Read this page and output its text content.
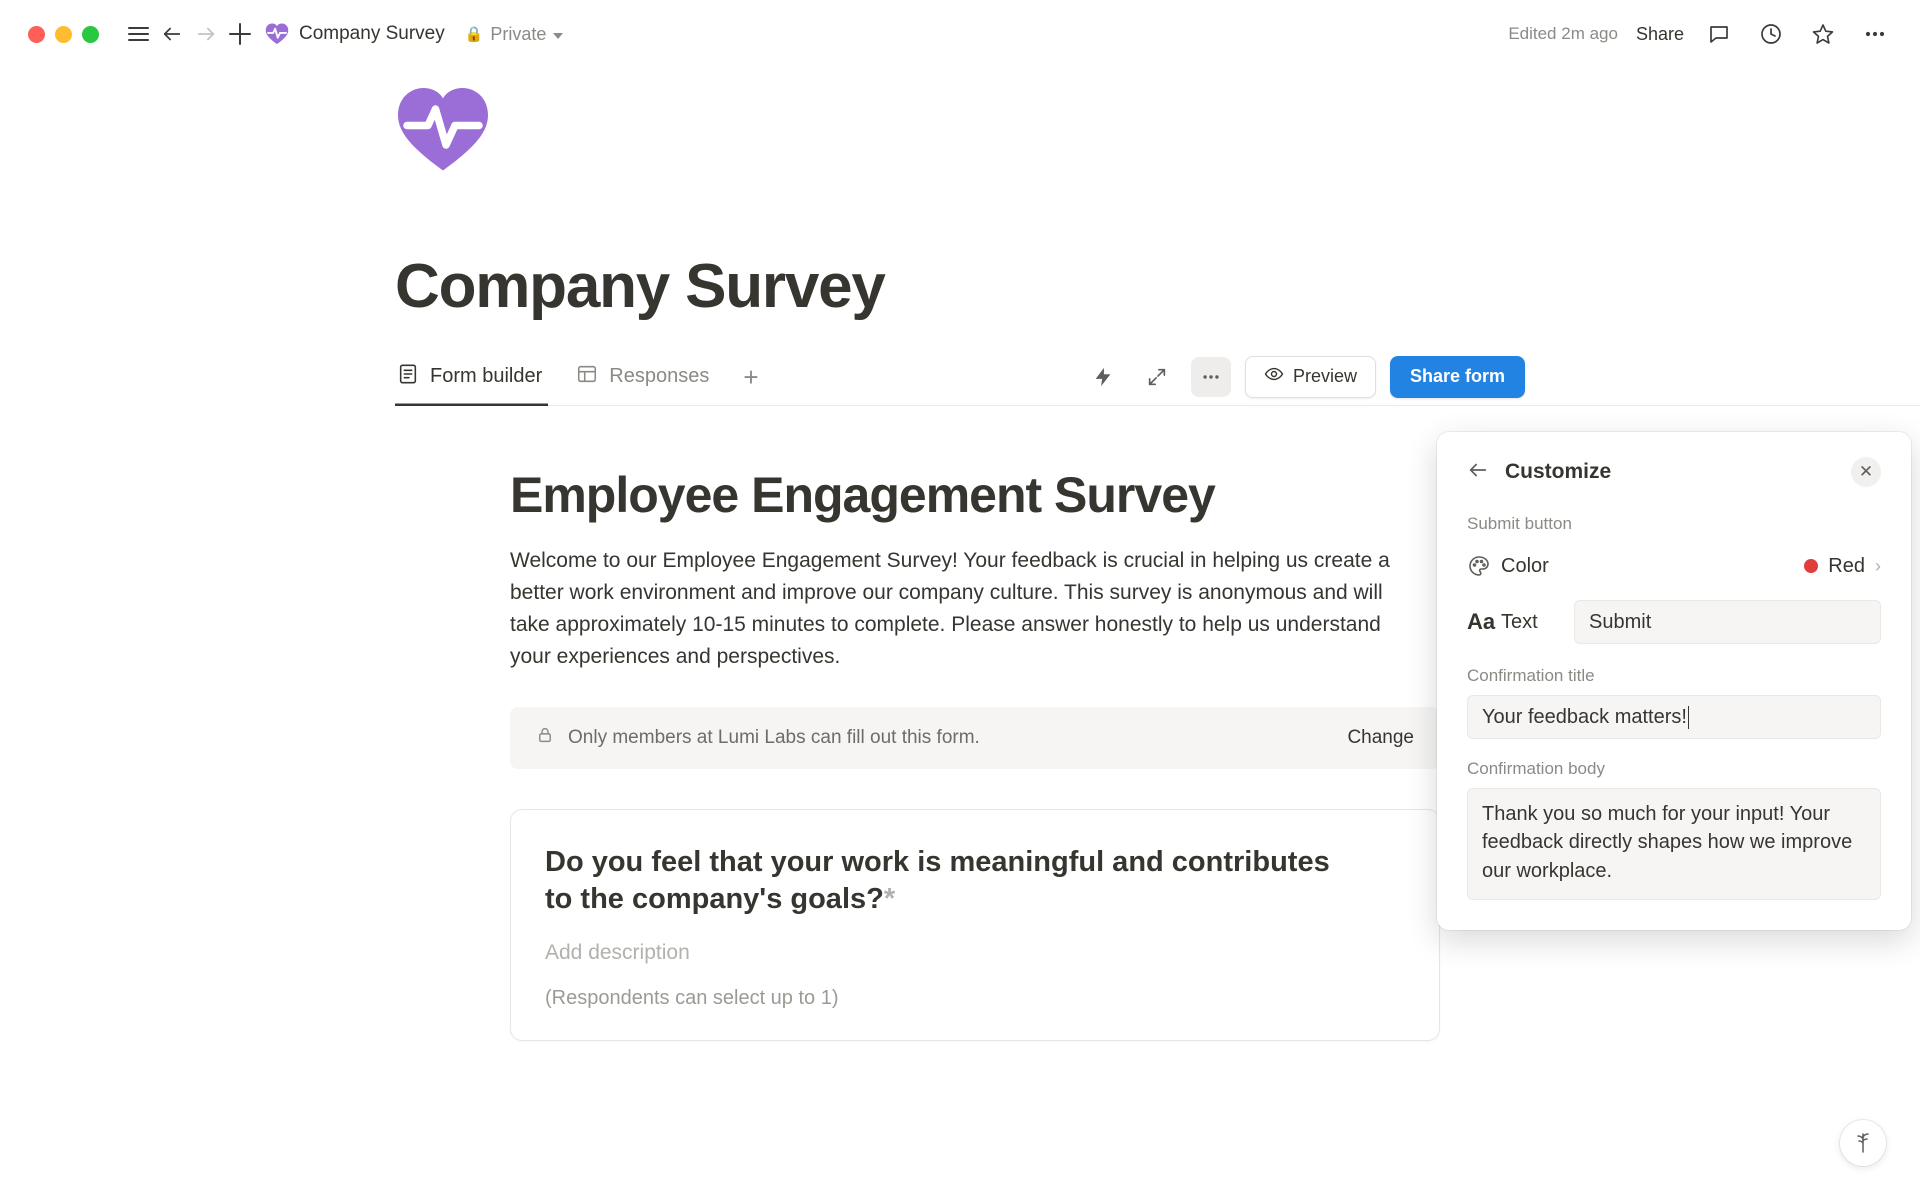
Company Survey 🔒 Private	Edited 2m ago Share
Company Survey
Form builder	Responses +	Preview	Share form
Employee Engagement Survey
Welcome to our Employee Engagement Survey! Your feedback is crucial in helping us create a better work environment and improve our company culture. This survey is anonymous and will take approximately 10-15 minutes to complete. Please answer honestly to help us understand your experiences and perspectives.
Only members at Lumi Labs can fill out this form.	Change
Do you feel that your work is meaningful and contributes to the company's goals?*
Add description
(Respondents can select up to 1)
Customize	✕
Submit button
Color	Red ›
Aa Text	Submit
Confirmation title
Your feedback matters!
Confirmation body
Thank you so much for your input! Your feedback directly shapes how we improve our workplace.
